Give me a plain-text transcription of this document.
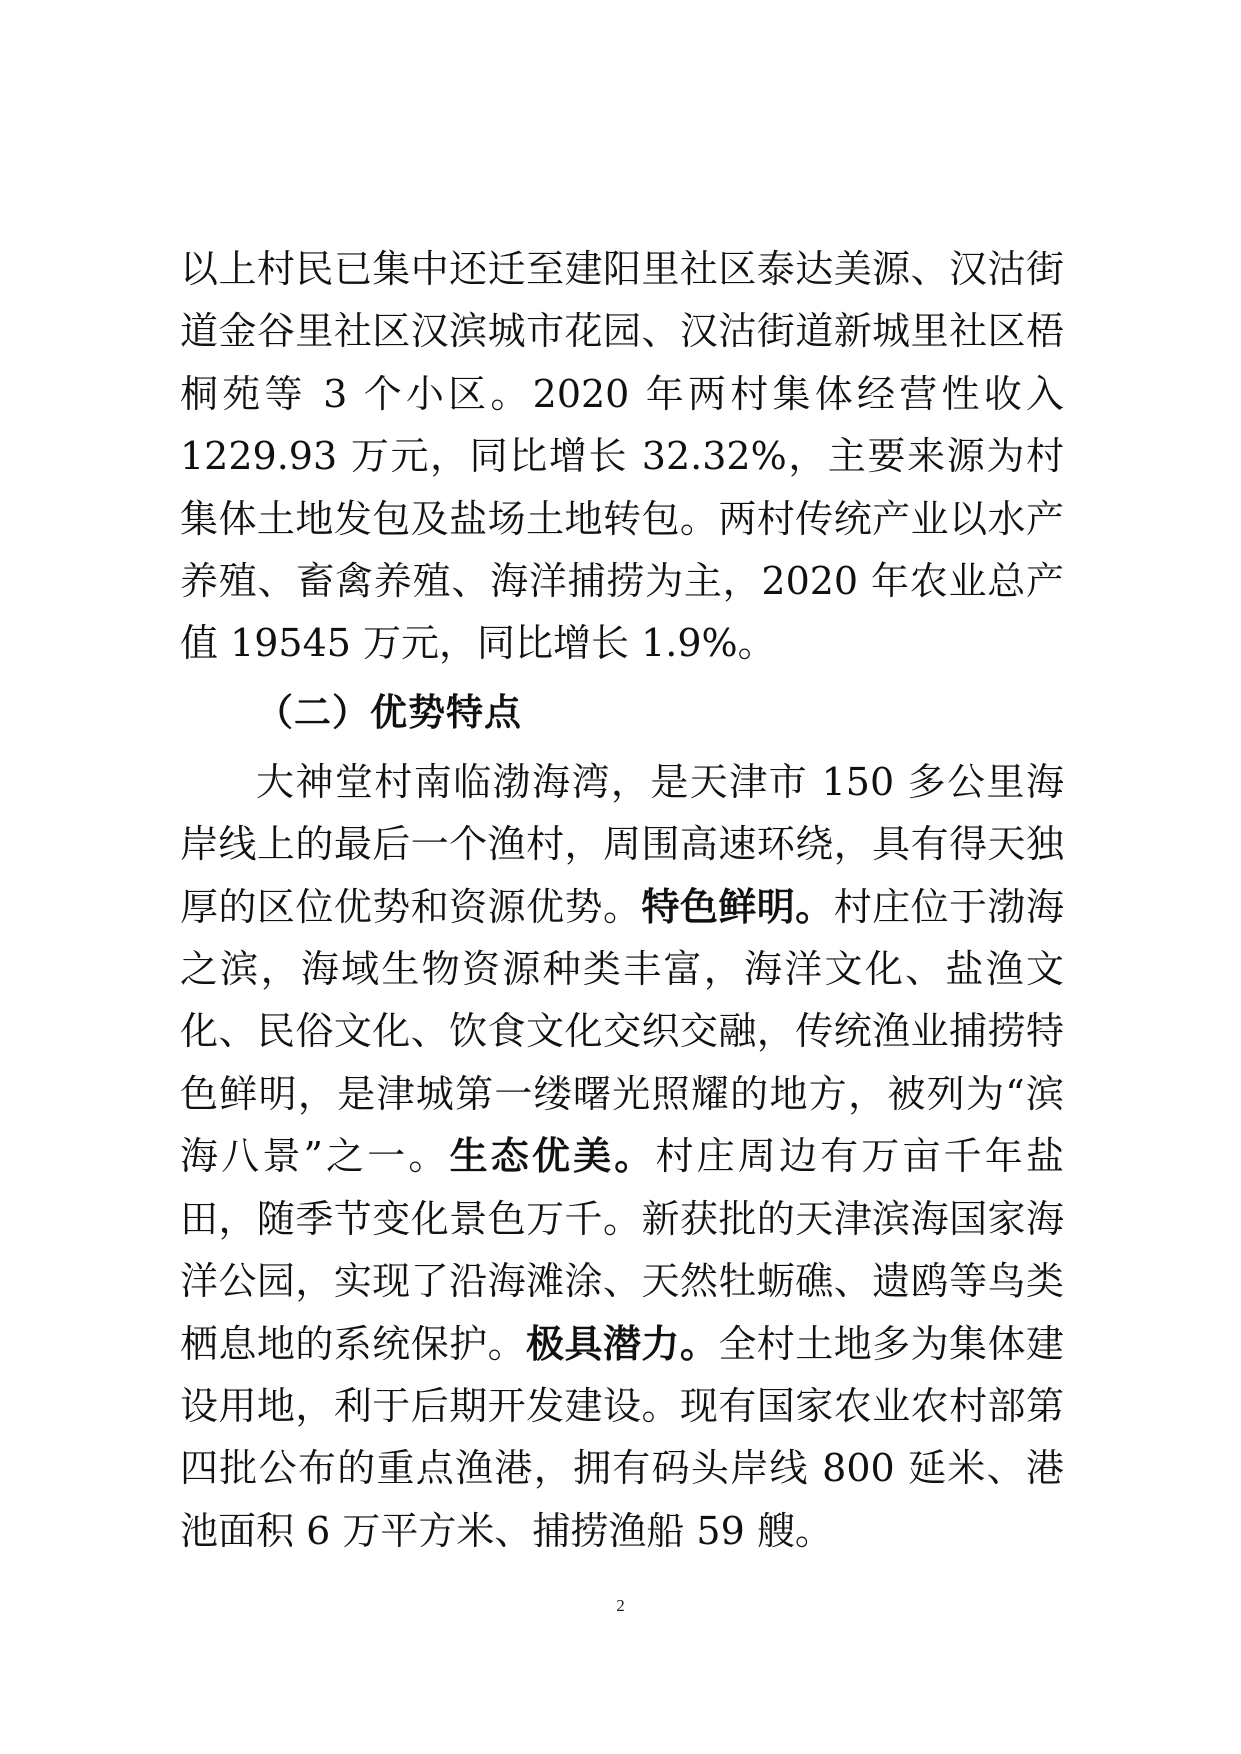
以上村民已集中还迁至建阳里社区泰达美源、汉沽街道金谷里社区汉滨城市花园、汉沽街道新城里社区梧桐苑等 3 个小区。2020 年两村集体经营性收入 1229.93 万元，同比增长 32.32%，主要来源为村集体土地发包及盐场土地转包。两村传统产业以水产养殖、畜禽养殖、海洋捕捞为主，2020 年农业总产值 19545 万元，同比增长 1.9%。

（二）优势特点

大神堂村南临渤海湾，是天津市 150 多公里海岸线上的最后一个渔村，周围高速环绕，具有得天独厚的区位优势和资源优势。特色鲜明。村庄位于渤海之滨，海域生物资源种类丰富，海洋文化、盐渔文化、民俗文化、饮食文化交织交融，传统渔业捕捞特色鲜明，是津城第一缕曙光照耀的地方，被列为“滨海八景”之一。生态优美。村庄周边有万亩千年盐田，随季节变化景色万千。新获批的天津滨海国家海洋公园，实现了沿海滩涂、天然牡蛎礁、遗鸥等鸟类栖息地的系统保护。极具潜力。全村土地多为集体建设用地，利于后期开发建设。现有国家农业农村部第四批公布的重点渔港，拥有码头岸线 800 延米、港池面积 6 万平方米、捕捞渔船 59 艘。

2
